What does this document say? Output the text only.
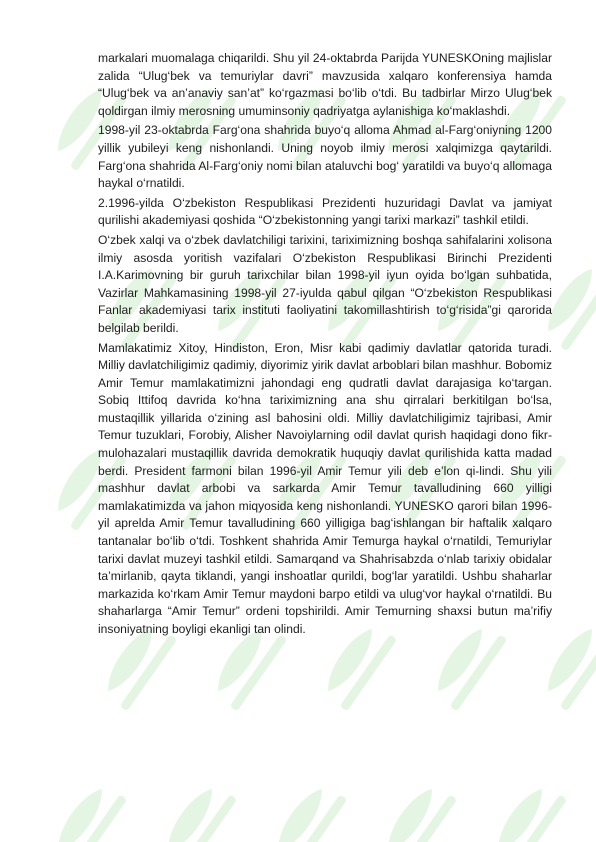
markalari muomalaga chiqarildi. Shu yil 24-oktabrda Parijda YUNESKOning majlislar zalida “Ulug‘bek va temuriylar davri” mavzusida xalqaro konferensiya hamda “Ulug‘bek va an’anaviy san’at” ko‘rgazmasi bo‘lib o‘tdi. Bu tadbirlar Mirzo Ulug‘bek qoldirgan ilmiy merosning umuminsoniy qadriyatga aylanishiga ko‘maklashdi.

1998-yil 23-oktabrda Farg‘ona shahrida buyo‘q alloma Ahmad al-Farg‘oniyning 1200 yillik yubileyi keng nishonlandi. Uning noyob ilmiy merosi xalqimizga qaytarildi. Farg‘ona shahrida Al-Farg‘oniy nomi bilan ataluvchi bog‘ yaratildi va buyo‘q allomaga haykal o‘rnatildi.

2.1996-yilda O‘zbekiston Respublikasi Prezidenti huzuridagi Davlat va jamiyat qurilishi akademiyasi qoshida “O‘zbekistonning yangi tarixi markazi” tashkil etildi.

O‘zbek xalqi va o‘zbek davlatchiligi tarixini, tariximizning boshqa sahifalarini xolisona ilmiy asosda yoritish vazifalari O‘zbekiston Respublikasi Birinchi Prezidenti I.A.Karimovning bir guruh tarixchilar bilan 1998-yil iyun oyida bo‘lgan suhbatida, Vazirlar Mahkamasining 1998-yil 27-iyulda qabul qilgan “O‘zbekiston Respublikasi Fanlar akademiyasi tarix instituti faoliyatini takomillashtirish to‘g‘risida”gi qarorida belgilab berildi.

Mamlakatimiz Xitoy, Hindiston, Eron, Misr kabi qadimiy davlatlar qatorida turadi. Milliy davlatchiligimiz qadimiy, diyorimiz yirik davlat arboblari bilan mashhur. Bobomiz Amir Temur mamlakatimizni jahondagi eng qudratli davlat darajasiga ko‘targan. Sobiq Ittifoq davrida ko‘hna tariximizning ana shu qirralari berkitilgan bo‘lsa, mustaqillik yillarida o‘zining asl bahosini oldi. Milliy davlatchiligimiz tajribasi, Amir Temur tuzuklari, Forobiy, Alisher Navoiylarning odil davlat qurish haqidagi dono fikr-mulohazalari mustaqillik davrida demokratik huquqiy davlat qurilishida katta madad berdi. President farmoni bilan 1996-yil Amir Temur yili deb e’lon qi-lindi. Shu yili mashhur davlat arbobi va sarkarda Amir Temur tavalludining 660 yilligi mamlakatimizda va jahon miqyosida keng nishonlandi. YUNESKO qarori bilan 1996-yil aprelda Amir Temur tavalludining 660 yilligiga bag‘ishlangan bir haftalik xalqaro tantanalar bo‘lib o‘tdi. Toshkent shahrida Amir Temurga haykal o‘rnatildi, Temuriylar tarixi davlat muzeyi tashkil etildi. Samarqand va Shahrisabzda o‘nlab tarixiy obidalar ta’mirlanib, qayta tiklandi, yangi inshoatlar qurildi, bog‘lar yaratildi. Ushbu shaharlar markazida ko‘rkam Amir Temur maydoni barpo etildi va ulug‘vor haykal o‘rnatildi. Bu shaharlarga “Amir Temur” ordeni topshirildi. Amir Temurning shaxsi butun ma’rifiy insoniyatning boyligi ekanligi tan olindi.
